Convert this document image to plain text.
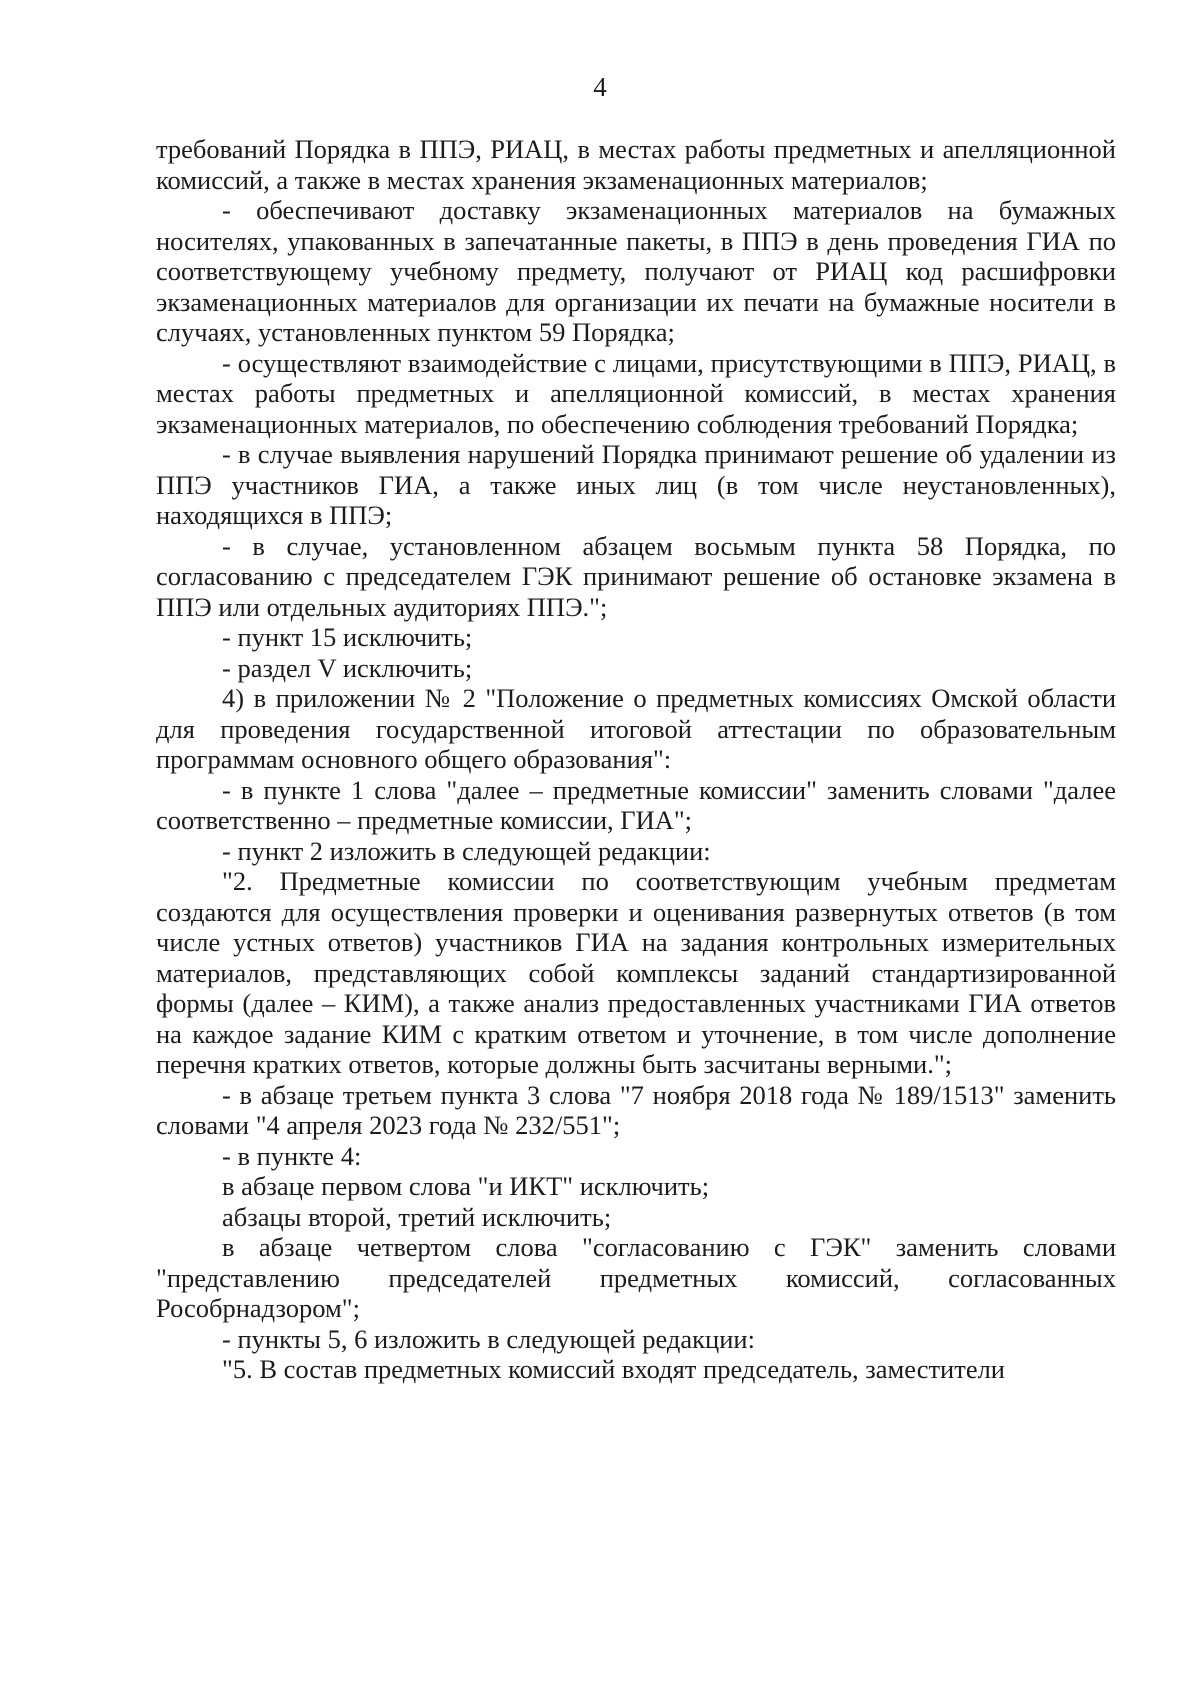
4

требований Порядка в ППЭ, РИАЦ, в местах работы предметных и апелляционной комиссий, а также в местах хранения экзаменационных материалов;

- обеспечивают доставку экзаменационных материалов на бумажных носителях, упакованных в запечатанные пакеты, в ППЭ в день проведения ГИА по соответствующему учебному предмету, получают от РИАЦ код расшифровки экзаменационных материалов для организации их печати на бумажные носители в случаях, установленных пунктом 59 Порядка;

- осуществляют взаимодействие с лицами, присутствующими в ППЭ, РИАЦ, в местах работы предметных и апелляционной комиссий, в местах хранения экзаменационных материалов, по обеспечению соблюдения требований Порядка;

- в случае выявления нарушений Порядка принимают решение об удалении из ППЭ участников ГИА, а также иных лиц (в том числе неустановленных), находящихся в ППЭ;

- в случае, установленном абзацем восьмым пункта 58 Порядка, по согласованию с председателем ГЭК принимают решение об остановке экзамена в ППЭ или отдельных аудиториях ППЭ.";

- пункт 15 исключить;

- раздел V исключить;

4) в приложении № 2 "Положение о предметных комиссиях Омской области для проведения государственной итоговой аттестации по образовательным программам основного общего образования":

- в пункте 1 слова "далее – предметные комиссии" заменить словами "далее соответственно – предметные комиссии, ГИА";

- пункт 2 изложить в следующей редакции:

"2. Предметные комиссии по соответствующим учебным предметам создаются для осуществления проверки и оценивания развернутых ответов (в том числе устных ответов) участников ГИА на задания контрольных измерительных материалов, представляющих собой комплексы заданий стандартизированной формы (далее – КИМ), а также анализ предоставленных участниками ГИА ответов на каждое задание КИМ с кратким ответом и уточнение, в том числе дополнение перечня кратких ответов, которые должны быть засчитаны верными.";

- в абзаце третьем пункта 3 слова "7 ноября 2018 года № 189/1513" заменить словами "4 апреля 2023 года № 232/551";

- в пункте 4:

в абзаце первом слова "и ИКТ" исключить;

абзацы второй, третий исключить;

в абзаце четвертом слова "согласованию с ГЭК" заменить словами "представлению председателей предметных комиссий, согласованных Рособрнадзором";

- пункты 5, 6 изложить в следующей редакции:

"5. В состав предметных комиссий входят председатель, заместители
